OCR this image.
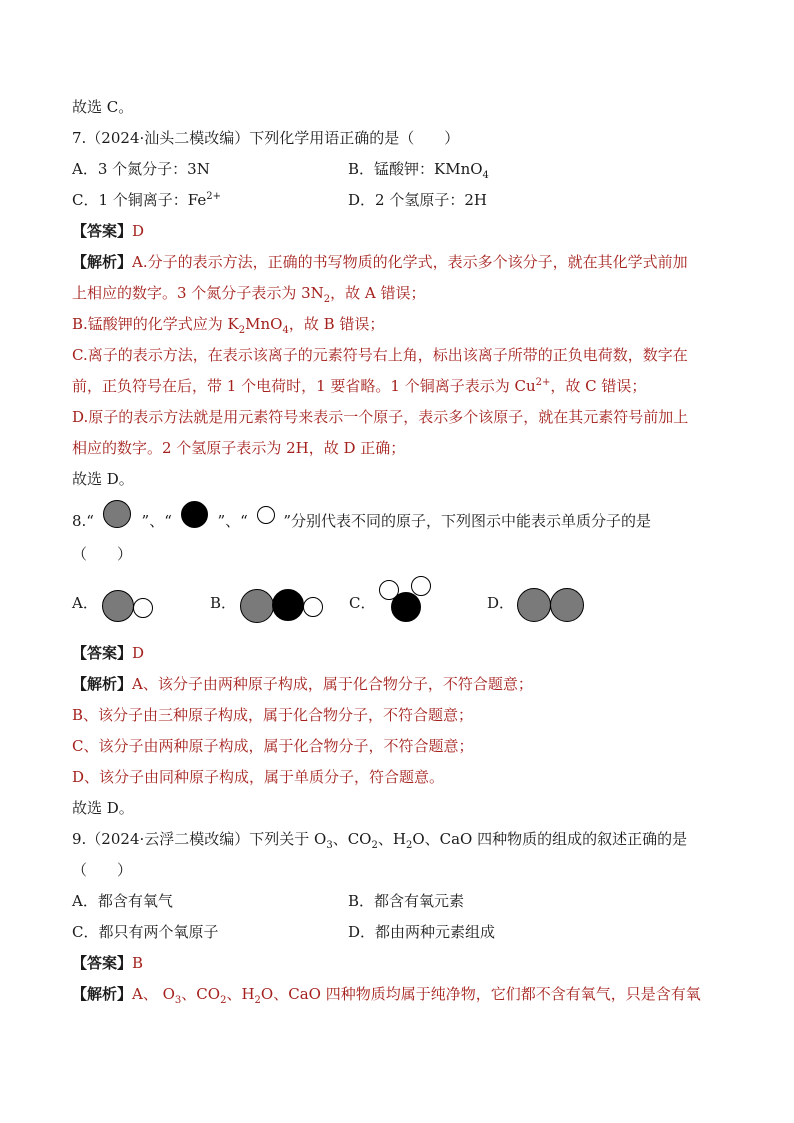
故选 C。
7.（2024·汕头二模改编）下列化学用语正确的是（　　）
A．3 个氮分子：3N	B．锰酸钾：KMnO$_4$
C．1 个铜离子：$Fe^{2+}$	D．2 个氢原子：2H
【答案】D
【解析】A.分子的表示方法，正确的书写物质的化学式，表示多个该分子，就在其化学式前加
上相应的数字。3 个氮分子表示为 $3N_2$，故 A 错误；
B.锰酸钾的化学式应为 $K_2MnO_4$，故 B 错误；
C.离子的表示方法，在表示该离子的元素符号右上角，标出该离子所带的正负电荷数，数字在
前，正负符号在后，带 1 个电荷时，1 要省略。1 个铜离子表示为 $Cu^{2+}$，故 C 错误；
D.原子的表示方法就是用元素符号来表示一个原子，表示多个该原子，就在其元素符号前加上
相应的数字。2 个氢原子表示为 2H，故 D 正确；
故选 D。
8.“	”、“	”、“ ”分别代表不同的原子，下列图示中能表示单质分子的是
（　　）
A．	B．	C．	D．
【答案】D
【解析】A、该分子由两种原子构成，属于化合物分子，不符合题意；
B、该分子由三种原子构成，属于化合物分子，不符合题意；
C、该分子由两种原子构成，属于化合物分子，不符合题意；
D、该分子由同种原子构成，属于单质分子，符合题意。
故选 D。
9.（2024·云浮二模改编）下列关于 $O_3$、$CO_2$、$H_2O$、CaO 四种物质的组成的叙述正确的是
（　　）
A．都含有氧气	B．都含有氧元素
C．都只有两个氧原子	D．都由两种元素组成
【答案】B
【解析】A、 $O_3$、$CO_2$、$H_2O$、CaO 四种物质均属于纯净物，它们都不含有氧气，只是含有氧
